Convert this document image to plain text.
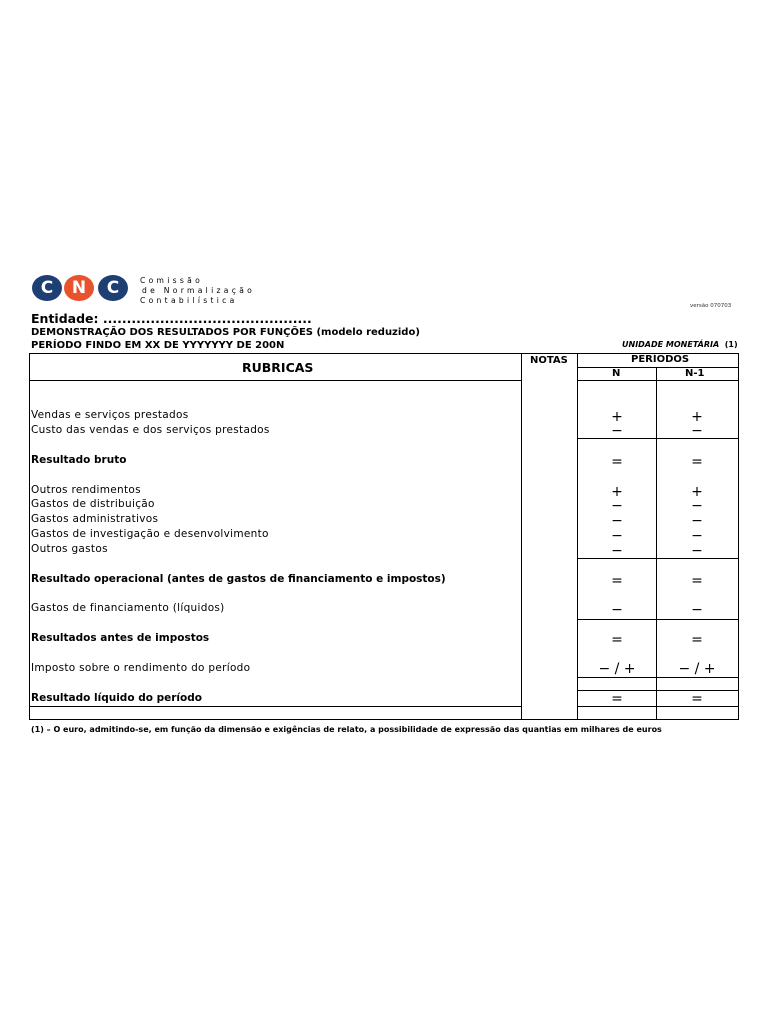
C	N	C	Comissão
de Normalização
Contabilística
versão 070703
Entidade: ............................................
DEMONSTRAÇÃO DOS RESULTADOS POR FUNÇÕES (modelo reduzido)
PERÍODO FINDO EM XX DE YYYYYYY DE 200N	UNIDADE MONETÁRIA (1)
RUBRICAS	NOTAS	PERÍODOS
N	N-1
Vendas e serviços prestados	+	+
Custo das vendas e dos serviços prestados	−	−
Resultado bruto	=	=
Outros rendimentos	+	+
Gastos de distribuição	−	−
Gastos administrativos	−	−
Gastos de investigação e desenvolvimento	−	−
Outros gastos	−	−
Resultado operacional (antes de gastos de financiamento e impostos)	=	=
Gastos de financiamento (líquidos)	−	−
Resultados antes de impostos	=	=
Imposto sobre o rendimento do período	− / +	− / +
Resultado líquido do período	=	=
(1) – O euro, admitindo-se, em função da dimensão e exigências de relato, a possibilidade de expressão das quantias em milhares de euros
